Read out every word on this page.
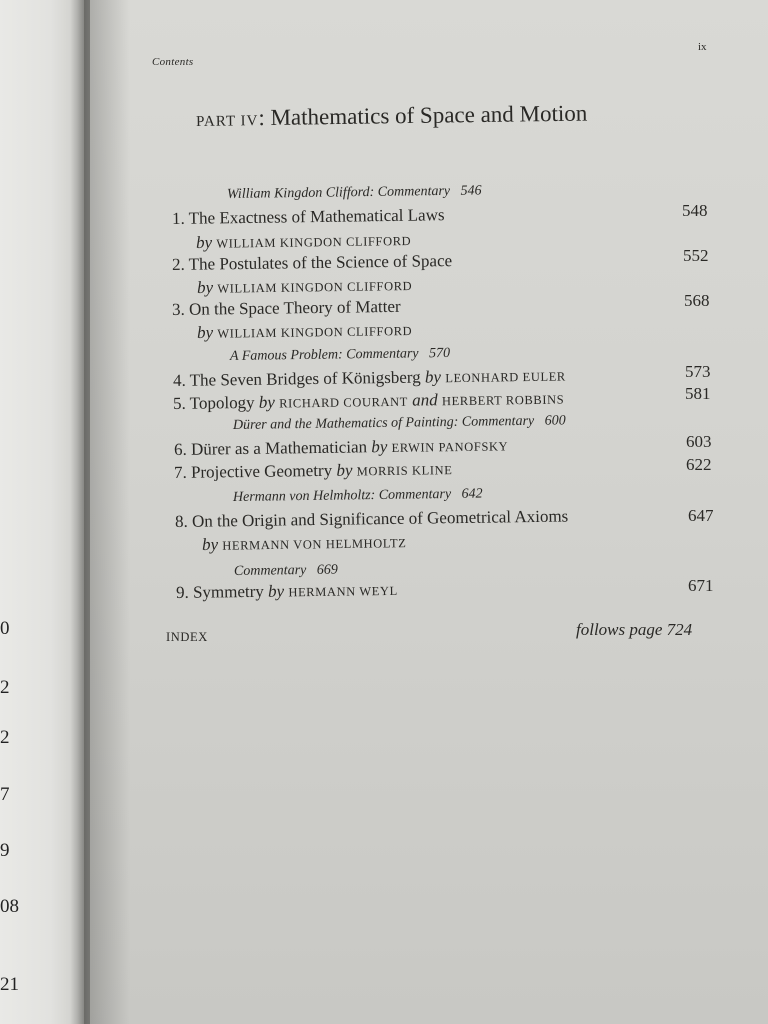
0
2
2
7
9
08
21
Contents
ix
PART IV: Mathematics of Space and Motion
William Kingdon Clifford: Commentary 546
1. The Exactness of Mathematical Laws	548
by WILLIAM KINGDON CLIFFORD
2. The Postulates of the Science of Space	552
by WILLIAM KINGDON CLIFFORD
3. On the Space Theory of Matter	568
by WILLIAM KINGDON CLIFFORD
A Famous Problem: Commentary 570
4. The Seven Bridges of Königsberg by LEONHARD EULER	573
5. Topology by RICHARD COURANT and HERBERT ROBBINS	581
Dürer and the Mathematics of Painting: Commentary 600
6. Dürer as a Mathematician by ERWIN PANOFSKY	603
7. Projective Geometry by MORRIS KLINE	622
Hermann von Helmholtz: Commentary 642
8. On the Origin and Significance of Geometrical Axioms	647
by HERMANN VON HELMHOLTZ
Commentary 669
9. Symmetry by HERMANN WEYL	671
INDEX	follows page 724
